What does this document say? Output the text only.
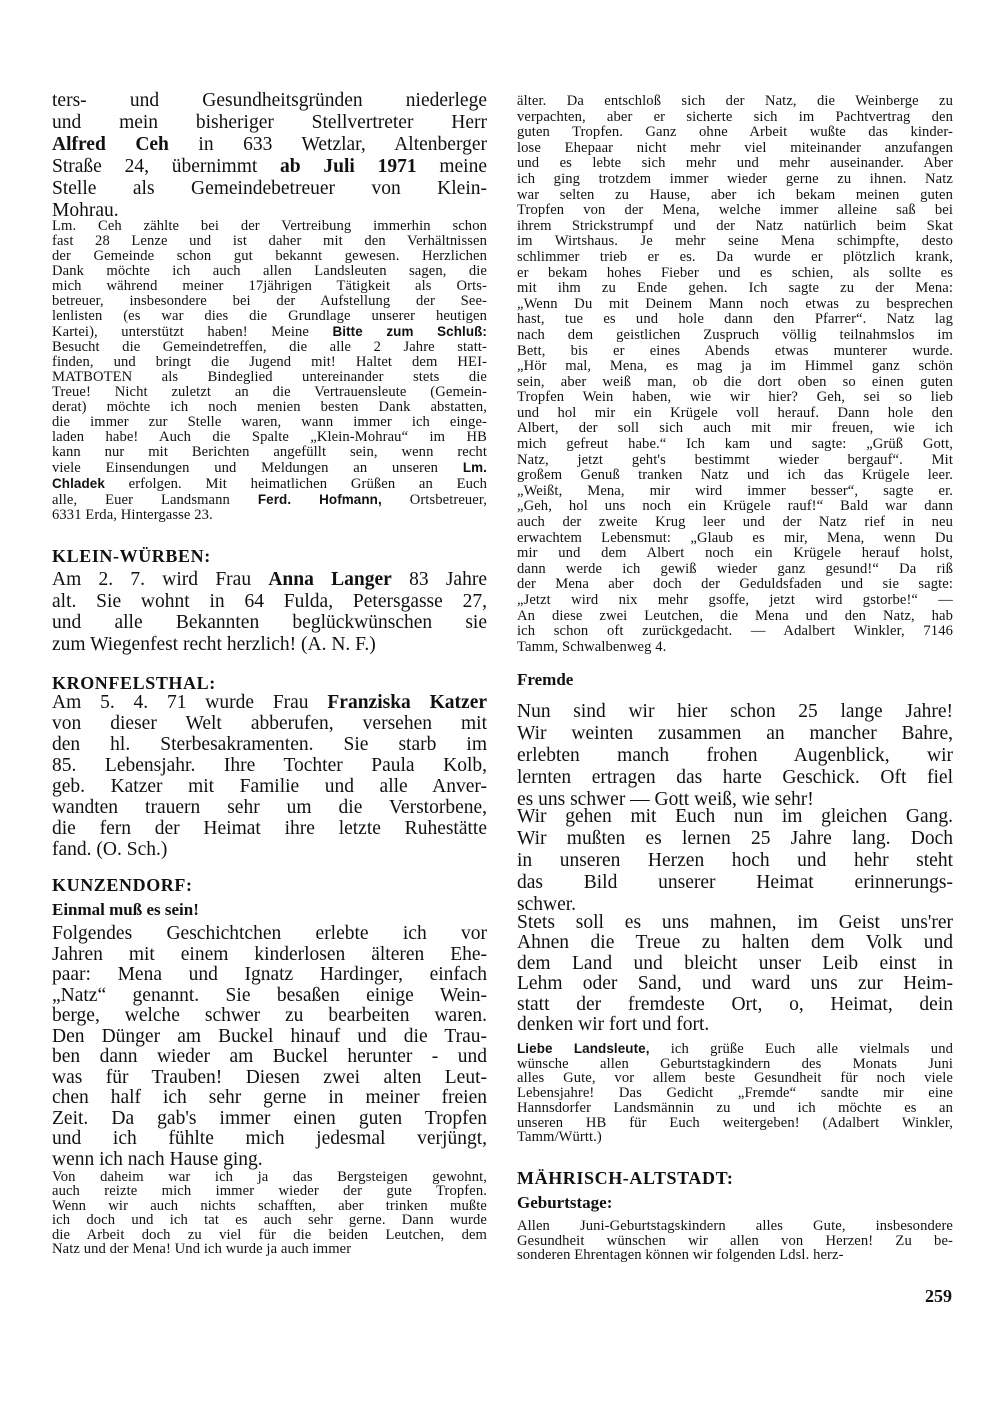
ters- und Gesundheitsgründen niederlege
und mein bisheriger Stellvertreter Herr
Alfred Ceh in 633 Wetzlar, Altenberger
Straße 24, übernimmt ab Juli 1971 meine
Stelle als Gemeindebetreuer von Klein-
Mohrau.
Lm. Ceh zählte bei der Vertreibung immerhin schon
fast 28 Lenze und ist daher mit den Verhältnissen
der Gemeinde schon gut bekannt gewesen. Herzlichen
Dank möchte ich auch allen Landsleuten sagen, die
mich während meiner 17jährigen Tätigkeit als Orts-
betreuer, insbesondere bei der Aufstellung der See-
lenlisten (es war dies die Grundlage unserer heutigen
Kartei), unterstützt haben! Meine Bitte zum Schluß:
Besucht die Gemeindetreffen, die alle 2 Jahre statt-
finden, und bringt die Jugend mit! Haltet dem HEI-
MATBOTEN als Bindeglied untereinander stets die
Treue! Nicht zuletzt an die Vertrauensleute (Gemein-
derat) möchte ich noch menien besten Dank abstatten,
die immer zur Stelle waren, wann immer ich einge-
laden habe! Auch die Spalte „Klein-Mohrau“ im HB
kann nur mit Berichten angefüllt sein, wenn recht
viele Einsendungen und Meldungen an unseren Lm.
Chladek erfolgen. Mit heimatlichen Grüßen an Euch
alle, Euer Landsmann Ferd. Hofmann, Ortsbetreuer,
6331 Erda, Hintergasse 23.
KLEIN-WÜRBEN:
Am 2. 7. wird Frau Anna Langer 83 Jahre
alt. Sie wohnt in 64 Fulda, Petersgasse 27,
und alle Bekannten beglückwünschen sie
zum Wiegenfest recht herzlich! (A. N. F.)
KRONFELSTHAL:
Am 5. 4. 71 wurde Frau Franziska Katzer
von dieser Welt abberufen, versehen mit
den hl. Sterbesakramenten. Sie starb im
85. Lebensjahr. Ihre Tochter Paula Kolb,
geb. Katzer mit Familie und alle Anver-
wandten trauern sehr um die Verstorbene,
die fern der Heimat ihre letzte Ruhestätte
fand. (O. Sch.)
KUNZENDORF:
Einmal muß es sein!
Folgendes Geschichtchen erlebte ich vor
Jahren mit einem kinderlosen älteren Ehe-
paar: Mena und Ignatz Hardinger, einfach
„Natz“ genannt. Sie besaßen einige Wein-
berge, welche schwer zu bearbeiten waren.
Den Dünger am Buckel hinauf und die Trau-
ben dann wieder am Buckel herunter - und
was für Trauben! Diesen zwei alten Leut-
chen half ich sehr gerne in meiner freien
Zeit. Da gab's immer einen guten Tropfen
und ich fühlte mich jedesmal verjüngt,
wenn ich nach Hause ging.
Von daheim war ich ja das Bergsteigen gewohnt,
auch reizte mich immer wieder der gute Tropfen.
Wenn wir auch nichts schafften, aber trinken mußte
ich doch und ich tat es auch sehr gerne. Dann wurde
die Arbeit doch zu viel für die beiden Leutchen, dem
Natz und der Mena! Und ich wurde ja auch immer
älter. Da entschloß sich der Natz, die Weinberge zu
verpachten, aber er sicherte sich im Pachtvertrag den
guten Tropfen. Ganz ohne Arbeit wußte das kinder-
lose Ehepaar nicht mehr viel miteinander anzufangen
und es lebte sich mehr und mehr auseinander. Aber
ich ging trotzdem immer wieder gerne zu ihnen. Natz
war selten zu Hause, aber ich bekam meinen guten
Tropfen von der Mena, welche immer alleine saß bei
ihrem Strickstrumpf und der Natz natürlich beim Skat
im Wirtshaus. Je mehr seine Mena schimpfte, desto
schlimmer trieb er es. Da wurde er plötzlich krank,
er bekam hohes Fieber und es schien, als sollte es
mit ihm zu Ende gehen. Ich sagte zu der Mena:
„Wenn Du mit Deinem Mann noch etwas zu besprechen
hast, tue es und hole dann den Pfarrer“. Natz lag
nach dem geistlichen Zuspruch völlig teilnahmslos im
Bett, bis er eines Abends etwas munterer wurde.
„Hör mal, Mena, es mag ja im Himmel ganz schön
sein, aber weiß man, ob die dort oben so einen guten
Tropfen Wein haben, wie wir hier? Geh, sei so lieb
und hol mir ein Krügele voll herauf. Dann hole den
Albert, der soll sich auch mit mir freuen, wie ich
mich gefreut habe.“ Ich kam und sagte: „Grüß Gott,
Natz, jetzt geht's bestimmt wieder bergauf“. Mit
großem Genuß tranken Natz und ich das Krügele leer.
„Weißt, Mena, mir wird immer besser“, sagte er.
„Geh, hol uns noch ein Krügele rauf!“ Bald war dann
auch der zweite Krug leer und der Natz rief in neu
erwachtem Lebensmut: „Glaub es mir, Mena, wenn Du
mir und dem Albert noch ein Krügele herauf holst,
dann werde ich gewiß wieder ganz gesund!“ Da riß
der Mena aber doch der Geduldsfaden und sie sagte:
„Jetzt wird nix mehr gsoffe, jetzt wird gstorbe!“ —
An diese zwei Leutchen, die Mena und den Natz, hab
ich schon oft zurückgedacht. — Adalbert Winkler, 7146
Tamm, Schwalbenweg 4.
Fremde
Nun sind wir hier schon 25 lange Jahre!
Wir weinten zusammen an mancher Bahre,
erlebten manch frohen Augenblick, wir
lernten ertragen das harte Geschick. Oft fiel
es uns schwer — Gott weiß, wie sehr!
Wir gehen mit Euch nun im gleichen Gang.
Wir mußten es lernen 25 Jahre lang. Doch
in unseren Herzen hoch und hehr steht
das Bild unserer Heimat erinnerungs-
schwer.
Stets soll es uns mahnen, im Geist uns'rer
Ahnen die Treue zu halten dem Volk und
dem Land und bleicht unser Leib einst in
Lehm oder Sand, und ward uns zur Heim-
statt der fremdeste Ort, o, Heimat, dein
denken wir fort und fort.
Liebe Landsleute, ich grüße Euch alle vielmals und
wünsche allen Geburtstagkindern des Monats Juni
alles Gute, vor allem beste Gesundheit für noch viele
Lebensjahre! Das Gedicht „Fremde“ sandte mir eine
Hannsdorfer Landsmännin zu und ich möchte es an
unseren HB für Euch weitergeben! (Adalbert Winkler,
Tamm/Württ.)
MÄHRISCH-ALTSTADT:
Geburtstage:
Allen Juni-Geburtstagskindern alles Gute, insbesondere
Gesundheit wünschen wir allen von Herzen! Zu be-
sonderen Ehrentagen können wir folgenden Ldsl. herz-
259
